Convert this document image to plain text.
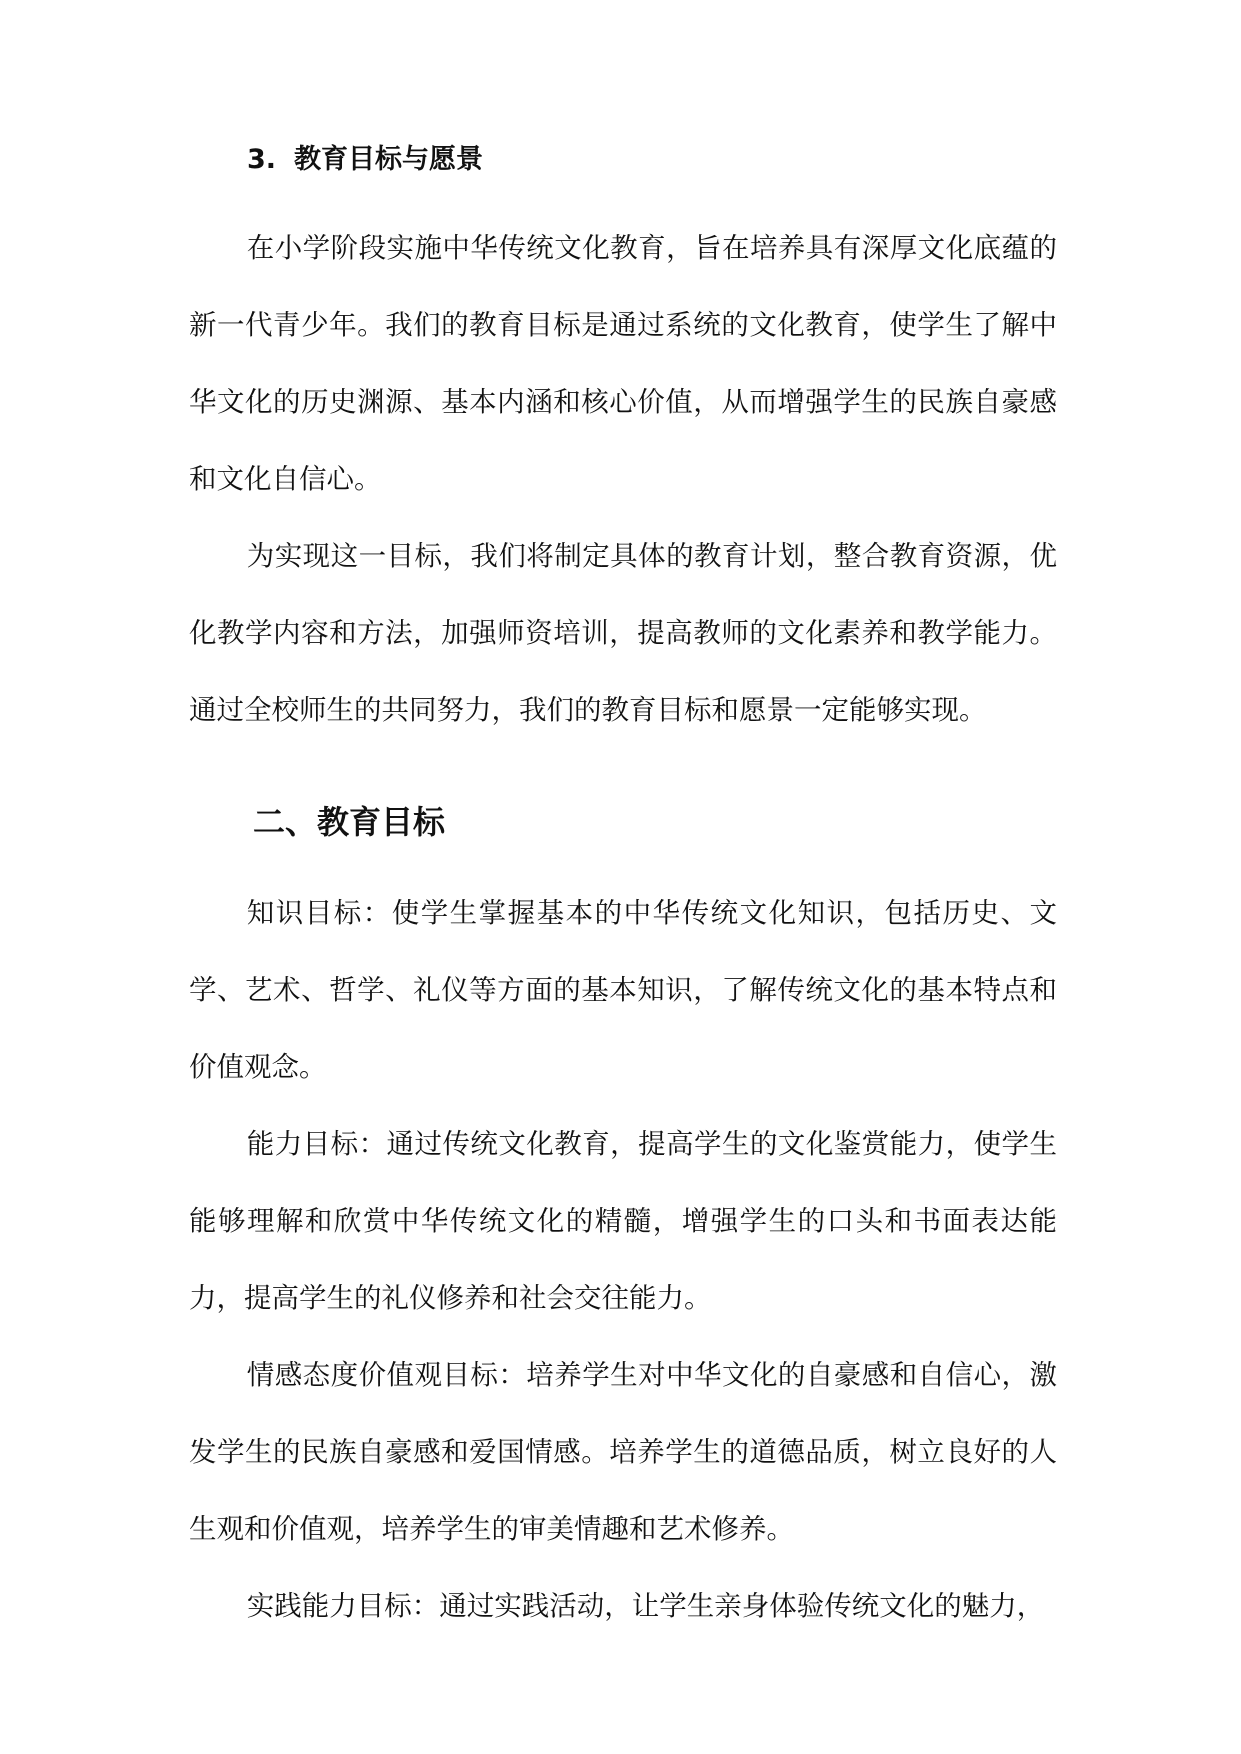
3. 教育目标与愿景

在小学阶段实施中华传统文化教育，旨在培养具有深厚文化底蕴的新一代青少年。我们的教育目标是通过系统的文化教育，使学生了解中华文化的历史渊源、基本内涵和核心价值，从而增强学生的民族自豪感和文化自信心。

为实现这一目标，我们将制定具体的教育计划，整合教育资源，优化教学内容和方法，加强师资培训，提高教师的文化素养和教学能力。通过全校师生的共同努力，我们的教育目标和愿景一定能够实现。

二、教育目标

知识目标：使学生掌握基本的中华传统文化知识，包括历史、文学、艺术、哲学、礼仪等方面的基本知识，了解传统文化的基本特点和价值观念。

能力目标：通过传统文化教育，提高学生的文化鉴赏能力，使学生能够理解和欣赏中华传统文化的精髓，增强学生的口头和书面表达能力，提高学生的礼仪修养和社会交往能力。

情感态度价值观目标：培养学生对中华文化的自豪感和自信心，激发学生的民族自豪感和爱国情感。培养学生的道德品质，树立良好的人生观和价值观，培养学生的审美情趣和艺术修养。

实践能力目标：通过实践活动，让学生亲身体验传统文化的魅力，
